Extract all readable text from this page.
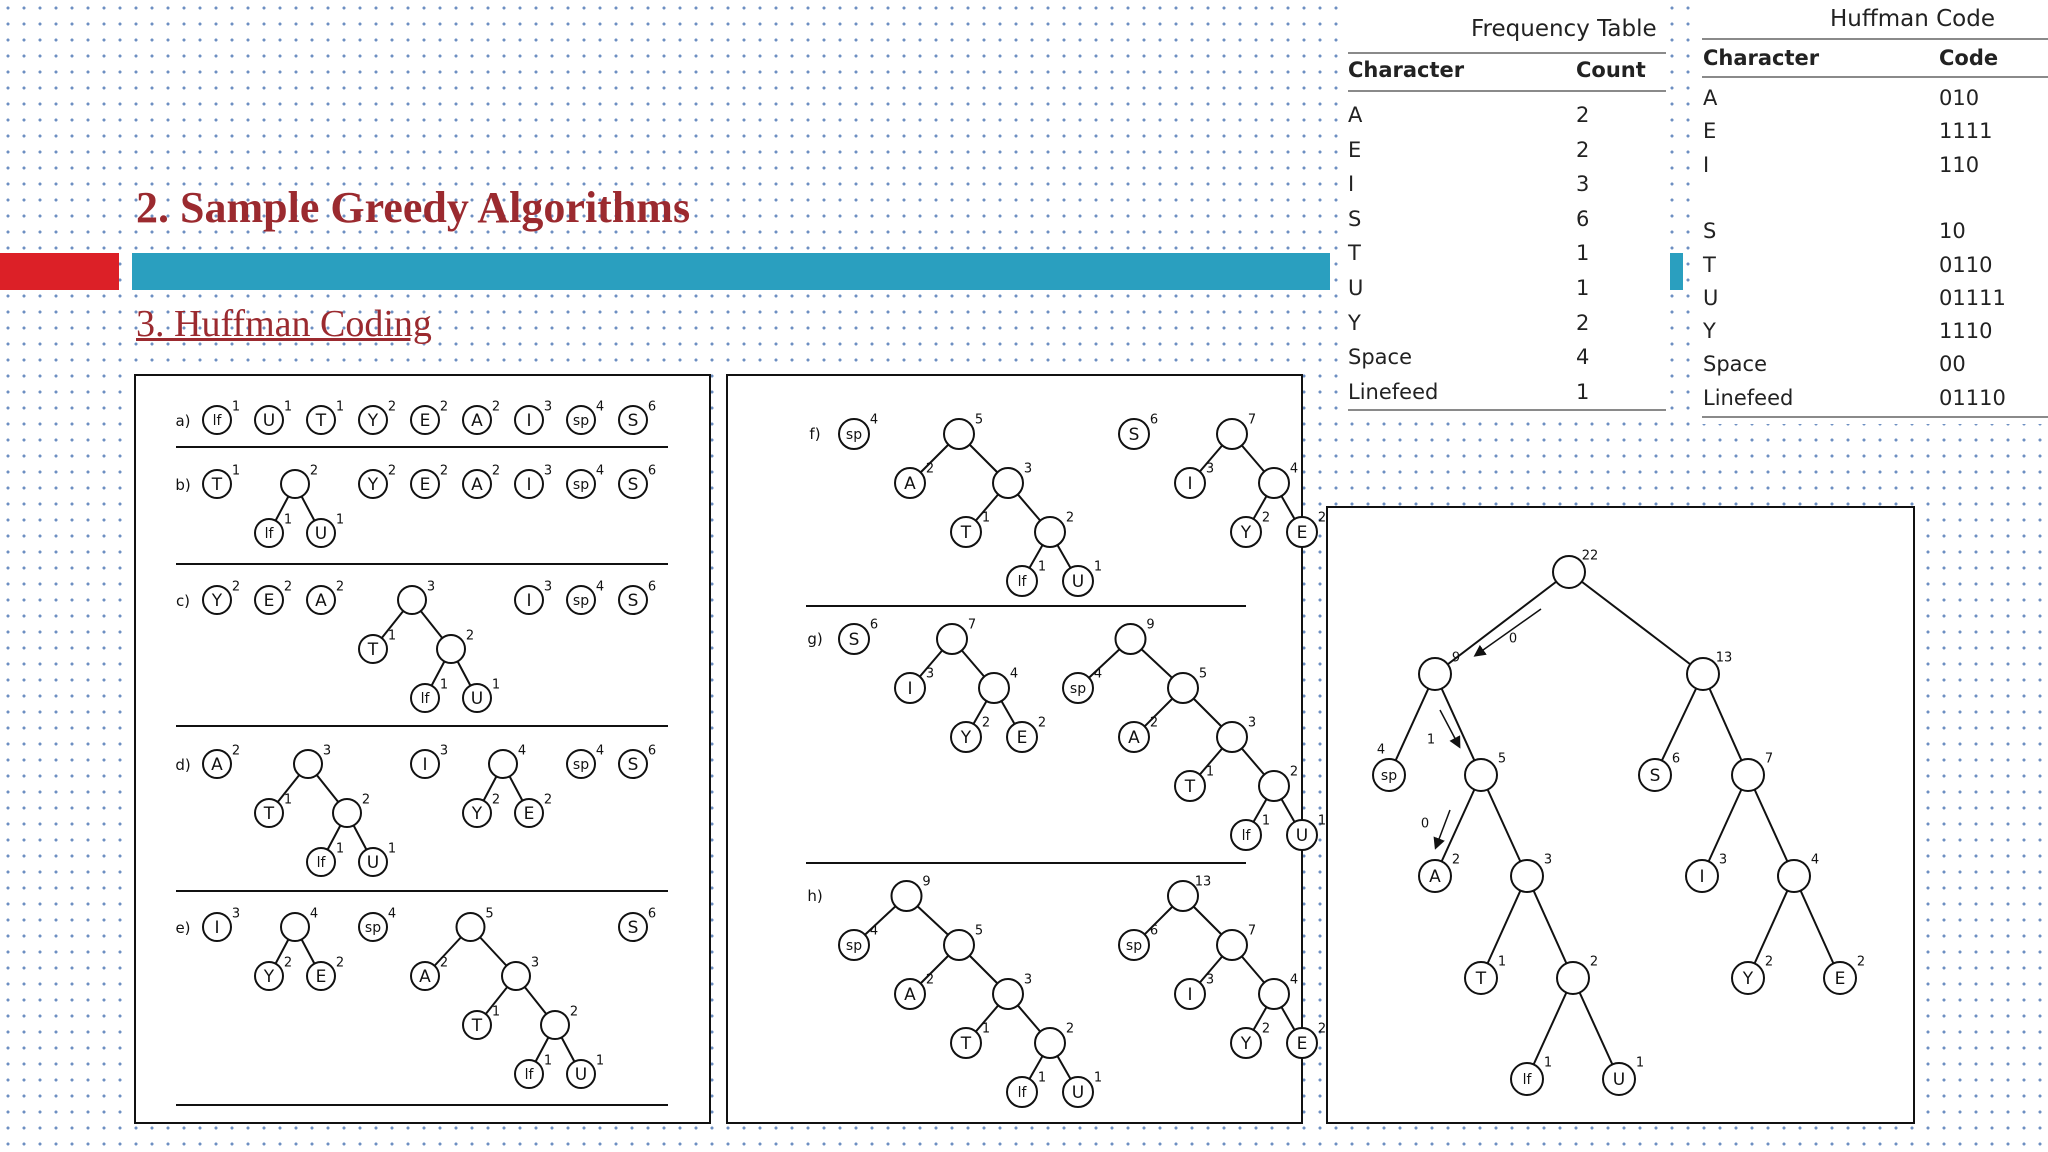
2. Sample Greedy Algorithms
3. Huffman Coding
Frequency Table
Character	Count
A	2
E	2
I	3
S	6
T	1
U	1
Y	2
Space	4
Linefeed	1
Huffman Code
Character	Code
A	010
E	1111
I	110
S	10
T	0110
U	01111
Y	1110
Space	00
Linefeed	01110
a) lf
1
U
1
T
1
Y
2
E
2
A
2
I
3
sp
4
S
6
b) T
1	2
lf
1
U
1
Y
2
E
2
A
2
I
3
sp
4
S
6
c) Y
2
E
2
A
2	3
T
1	2
lf
1
U
1
I
3
sp
4
S
6
d) A
2	3
T
1	2
lf
1
U
1
I
3	4
Y
2
E
2
sp
4
S
6
e) I
3	4
Y
2
E
2
sp
4	5
A
2	3
T
1	2
lf
1
U
1
S
6
f) sp
4	5
A
2	3
T
1	2
lf
1
U
1
S
6	7
I
3	4
Y
2
E
2
g) S
6	7
I
3	4
Y
2
E
2
9
sp
4	5
A
2	3
T
1	2
lf
1
U
1
h)
9
sp
4	5
A
2	3
T
1	2
lf
1
U
1
13
sp
6	7
I
3	4
Y
2
E
2
22
9	13
sp
4
5
S
6	7
A
2	3
I
3	4
T
1	2
Y
2
E
2
lf
1
U
1
0
1
0
